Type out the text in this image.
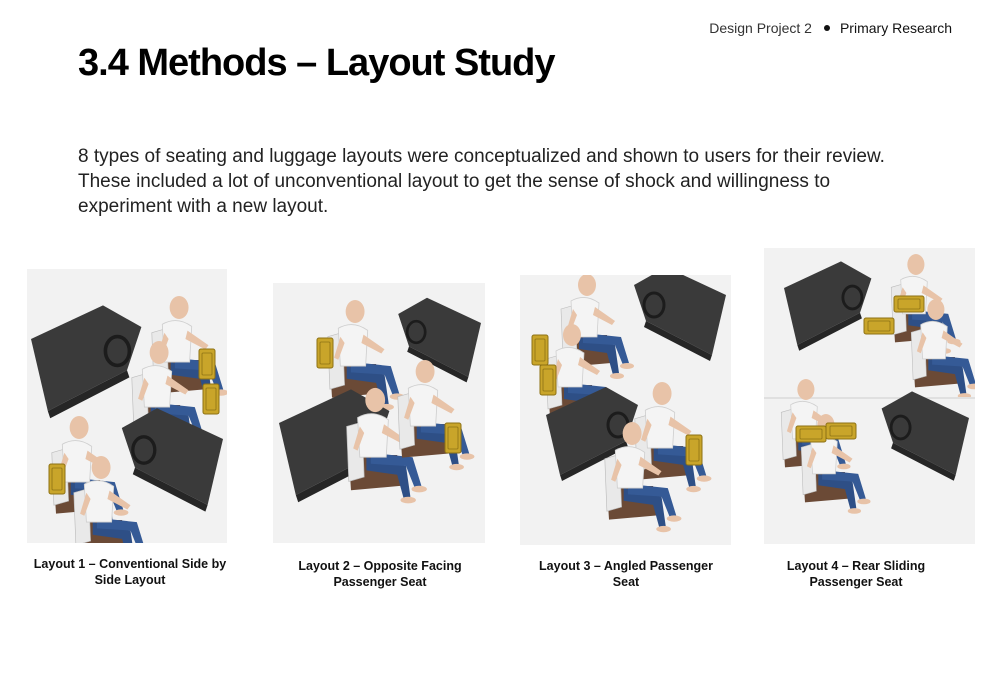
Design Project 2 Primary Research
3.4 Methods – Layout Study

8 types of seating and luggage layouts were conceptualized and shown to users for their review. These included a lot of unconventional layout to get the sense of shock and willingness to experiment with a new layout.

Layout 1 – Conventional Side by Side Layout
Layout 2 – Opposite Facing Passenger Seat
Layout 3 – Angled Passenger Seat
Layout 4 – Rear Sliding Passenger Seat
